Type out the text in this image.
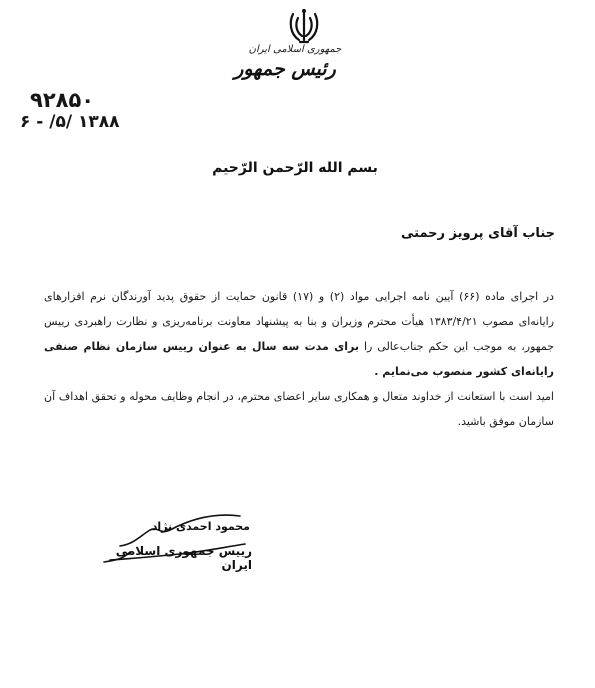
جمهوری اسلامی ایران
رئیس جمهور
۹۲۸۵۰
۱۳۸۸ /۵/ - ۶
بسم الله الرّحمن الرّحیم
جناب آقای پرویز رحمتی

در اجرای ماده (۶۶) آیین نامه اجرایی مواد (۲) و (۱۷) قانون حمایت از حقوق پدید آورندگان نرم افزارهای رایانه‌ای مصوب ۱۳۸۳/۴/۲۱ هیأت محترم وزیران و بنا به پیشنهاد معاونت برنامه‌ریزی و نظارت راهبردی رییس جمهور، به موجب این حکم جناب‌عالی را برای مدت سه سال به عنوان رییس سازمان نظام صنفی رایانه‌ای کشور منصوب می‌نمایم .

امید است با استعانت از خداوند متعال و همکاری سایر اعضای محترم، در انجام وظایف محوله و تحقق اهداف آن سازمان موفق باشید.

محمود احمدی نژاد
رییس جمهوری اسلامی ایران
